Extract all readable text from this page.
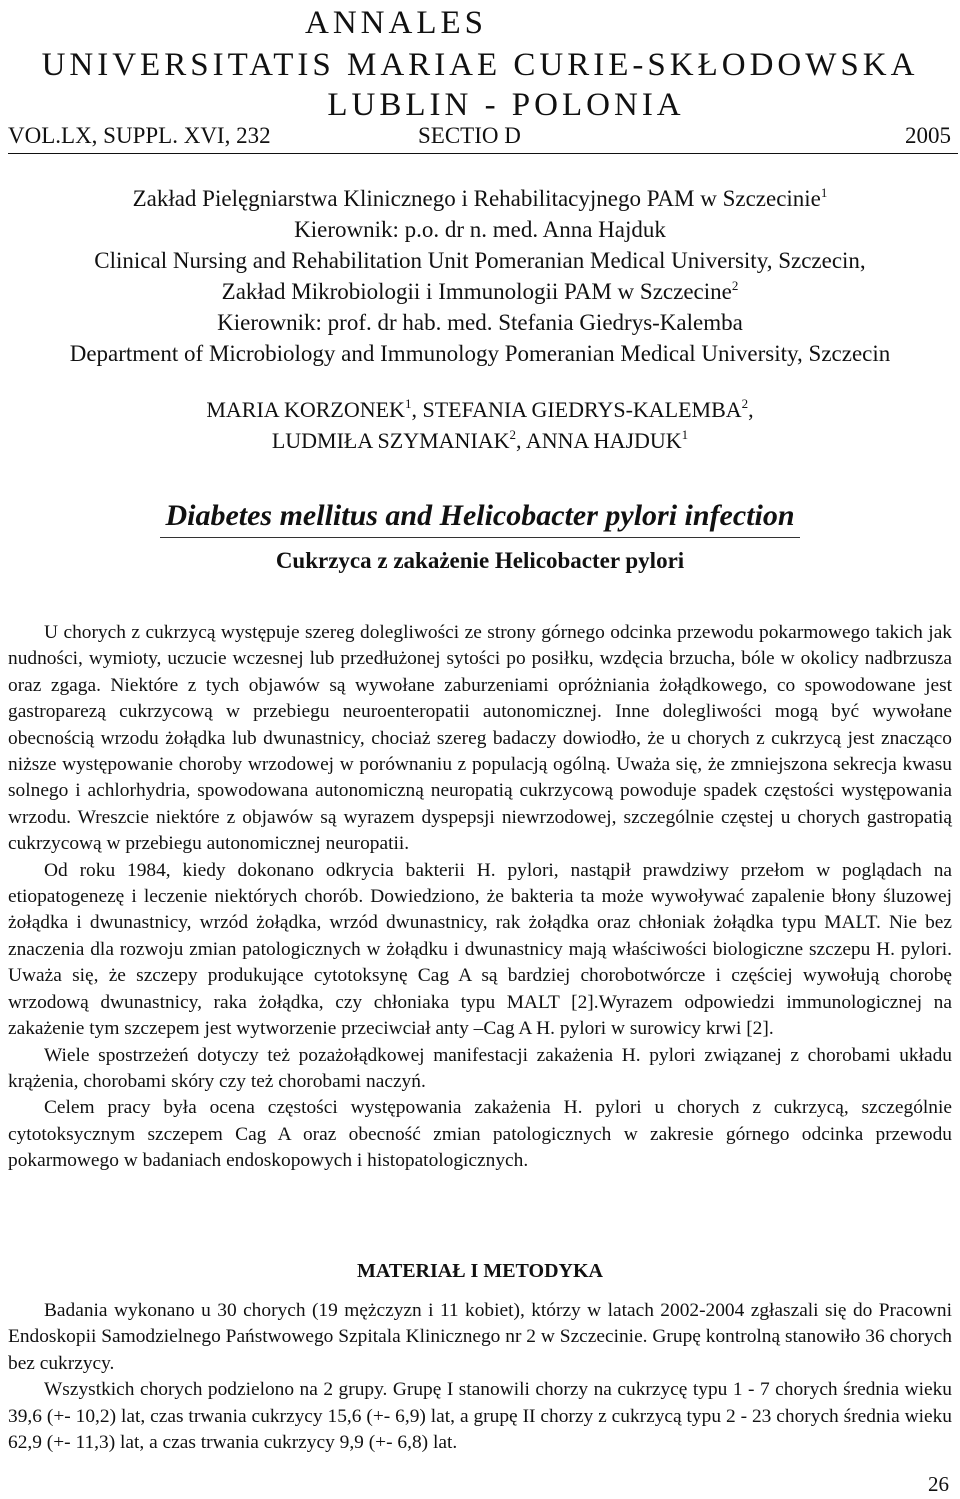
ANNALES
UNIVERSITATIS MARIAE CURIE-SKŁODOWSKA
LUBLIN - POLONIA
VOL.LX, SUPPL. XVI, 232	SECTIO D	2005
Zakład Pielęgniarstwa Klinicznego i Rehabilitacyjnego PAM w Szczecinie$^1$
Kierownik: p.o. dr n. med. Anna Hajduk
Clinical Nursing and Rehabilitation Unit Pomeranian Medical University, Szczecin,
Zakład Mikrobiologii i Immunologii PAM w Szczecine$^2$
Kierownik: prof. dr hab. med. Stefania Giedrys-Kalemba
Department of Microbiology and Immunology Pomeranian Medical University, Szczecin
MARIA KORZONEK$^1$, STEFANIA GIEDRYS-KALEMBA$^2$,
LUDMIŁA SZYMANIAK$^2$, ANNA HAJDUK$^1$
Diabetes mellitus and Helicobacter pylori infection
Cukrzyca z zakażenie Helicobacter pylori

U chorych z cukrzycą występuje szereg dolegliwości ze strony górnego odcinka przewodu pokarmowego takich jak nudności, wymioty, uczucie wczesnej lub przedłużonej sytości po posiłku, wzdęcia brzucha, bóle w okolicy nadbrzusza oraz zgaga. Niektóre z tych objawów są wywołane zaburzeniami opróżniania żołądkowego, co spowodowane jest gastroparezą cukrzycową w przebiegu neuroenteropatii autonomicznej. Inne dolegliwości mogą być wywołane obecnością wrzodu żołądka lub dwunastnicy, chociaż szereg badaczy dowiodło, że u chorych z cukrzycą jest znacząco niższe występowanie choroby wrzodowej w porównaniu z populacją ogólną. Uważa się, że zmniejszona sekrecja kwasu solnego i achlorhydria, spowodowana autonomiczną neuropatią cukrzycową powoduje spadek częstości występowania wrzodu. Wreszcie niektóre z objawów są wyrazem dyspepsji niewrzodowej, szczególnie częstej u chorych gastropatią cukrzycową w przebiegu autonomicznej neuropatii.

Od roku 1984, kiedy dokonano odkrycia bakterii H. pylori, nastąpił prawdziwy przełom w poglądach na etiopatogenezę i leczenie niektórych chorób. Dowiedziono, że bakteria ta może wywoływać zapalenie błony śluzowej żołądka i dwunastnicy, wrzód żołądka, wrzód dwunastnicy, rak żołądka oraz chłoniak żołądka typu MALT. Nie bez znaczenia dla rozwoju zmian patologicznych w żołądku i dwunastnicy mają właściwości biologiczne szczepu H. pylori. Uważa się, że szczepy produkujące cytotoksynę Cag A są bardziej chorobotwórcze i częściej wywołują chorobę wrzodową dwunastnicy, raka żołądka, czy chłoniaka typu MALT [2].Wyrazem odpowiedzi immunologicznej na zakażenie tym szczepem jest wytworzenie przeciwciał anty –Cag A H. pylori w surowicy krwi [2].

Wiele spostrzeżeń dotyczy też pozażołądkowej manifestacji zakażenia H. pylori związanej z chorobami układu krążenia, chorobami skóry czy też chorobami naczyń.

Celem pracy była ocena częstości występowania zakażenia H. pylori u chorych z cukrzycą, szczególnie cytotoksycznym szczepem Cag A oraz obecność zmian patologicznych w zakresie górnego odcinka przewodu pokarmowego w badaniach endoskopowych i histopatologicznych.

MATERIAŁ I METODYKA

Badania wykonano u 30 chorych (19 mężczyzn i 11 kobiet), którzy w latach 2002-2004 zgłaszali się do Pracowni Endoskopii Samodzielnego Państwowego Szpitala Klinicznego nr 2 w Szczecinie. Grupę kontrolną stanowiło 36 chorych bez cukrzycy.

Wszystkich chorych podzielono na 2 grupy. Grupę I stanowili chorzy na cukrzycę typu 1 - 7 chorych średnia wieku 39,6 (+- 10,2) lat, czas trwania cukrzycy 15,6 (+- 6,9) lat, a grupę II chorzy z cukrzycą typu 2 - 23 chorych średnia wieku 62,9 (+- 11,3) lat, a czas trwania cukrzycy 9,9 (+- 6,8) lat.

26
